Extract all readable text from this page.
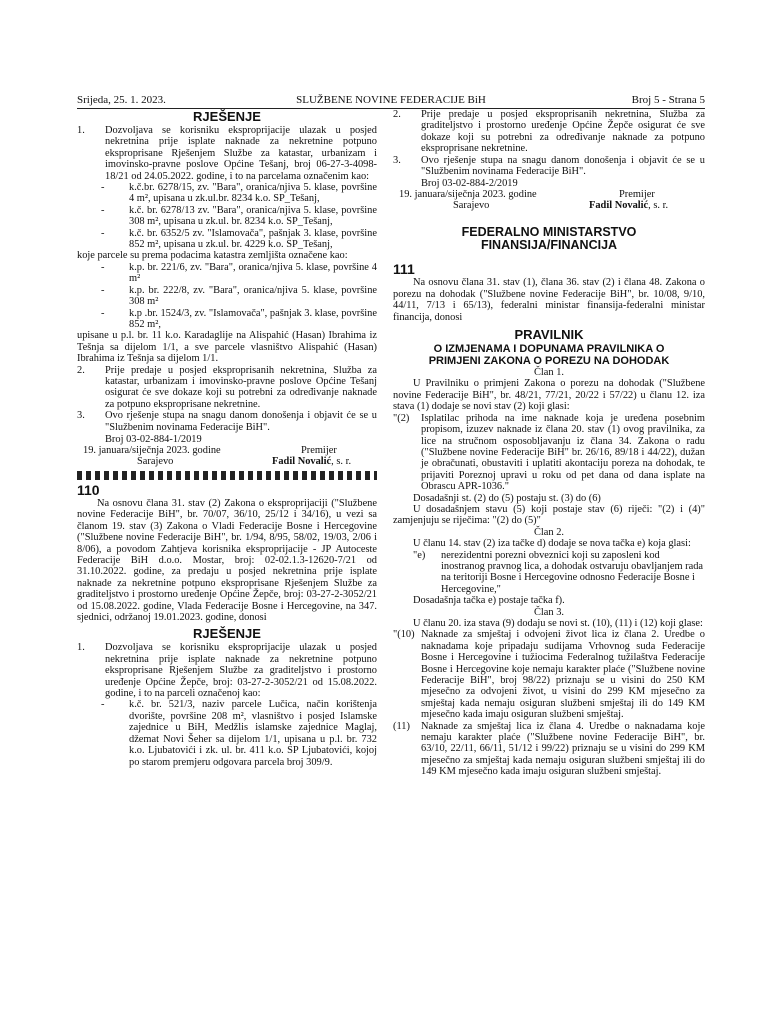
Srijeda, 25. 1. 2023.	SLUŽBENE NOVINE FEDERACIJE BiH	Broj 5 - Strana 5

RJEŠENJE

1.	Dozvoljava se korisniku eksproprijacije ulazak u posjed nekretnina prije isplate naknade za nekretnine potpuno eksproprisane Rješenjem Službe za katastar, urbanizam i imovinsko-pravne poslove Općine Tešanj, broj 06-27-3-4098-18/21 od 24.05.2022. godine, i to na parcelama označenim kao:
-	k.č.br. 6278/15, zv. "Bara", oranica/njiva 5. klase, površine 4 m², upisana u zk.ul.br. 8234 k.o. SP_Tešanj,
-	k.č. br. 6278/13 zv. "Bara", oranica/njiva 5. klase, površine 308 m², upisana u zk.ul. br. 8234 k.o. SP_Tešanj,
-	k.č. br. 6352/5 zv. "Islamovača", pašnjak 3. klase, površine 852 m², upisana u zk.ul. br. 4229 k.o. SP_Tešanj,

koje parcele su prema podacima katastra zemljišta označene kao:

-	k.p. br. 221/6, zv. "Bara", oranica/njiva 5. klase, površine 4 m²
-	k.p. br. 222/8, zv. "Bara", oranica/njiva 5. klase, površine 308 m²
-	k.p .br. 1524/3, zv. "Islamovača", pašnjak 3. klase, površine 852 m²,

upisane u p.l. br. 11 k.o. Karadaglije na Alispahić (Hasan) Ibrahima iz Tešnja sa dijelom 1/1, a sve parcele vlasništvo Alispahić (Hasan) Ibrahima iz Tešnja sa dijelom 1/1.

2.	Prije predaje u posjed eksproprisanih nekretnina, Služba za katastar, urbanizam i imovinsko-pravne poslove Općine Tešanj osigurat će sve dokaze koji su potrebni za određivanje naknade za potpuno eksproprisane nekretnine.
3.	Ovo rješenje stupa na snagu danom donošenja i objavit će se u "Službenim novinama Federacije BiH".
Broj 03-02-884-1/2019
19. januara/siječnja 2023. godine
Sarajevo
Premijer
Fadil Novalić, s. r.

110

Na osnovu člana 31. stav (2) Zakona o eksproprijaciji ("Službene novine Federacije BiH", br. 70/07, 36/10, 25/12 i 34/16), u vezi sa članom 19. stav (3) Zakona o Vladi Federacije Bosne i Hercegovine ("Službene novine Federacije BiH", br. 1/94, 8/95, 58/02, 19/03, 2/06 i 8/06), a povodom Zahtjeva korisnika eksproprijacije - JP Autoceste Federacije BiH d.o.o. Mostar, broj: 02-02.1.3-12620-7/21 od 31.10.2022. godine, za predaju u posjed nekretnina prije isplate naknade za nekretnine potpuno eksproprisane Rješenjem Službe za graditeljstvo i prostorno uređenje Općine Žepče, broj: 03-27-2-3052/21 od 15.08.2022. godine, Vlada Federacije Bosne i Hercegovine, na 347. sjednici, održanoj 19.01.2023. godine, donosi

RJEŠENJE

1.	Dozvoljava se korisniku eksproprijacije ulazak u posjed nekretnina prije isplate naknade za nekretnine potpuno eksproprisane Rješenjem Službe za graditeljstvo i prostorno uređenje Općine Žepče, broj: 03-27-2-3052/21 od 15.08.2022. godine, i to na parceli označenoj kao:
-	k.č. br. 521/3, naziv parcele Lučica, način korištenja dvorište, površine 208 m², vlasništvo i posjed Islamske zajednice u BiH, Medžlis islamske zajednice Maglaj, džemat Novi Šeher sa dijelom 1/1, upisana u p.l. br. 732 k.o. Ljubatovići i zk. ul. br. 411 k.o. SP Ljubatovići, kojoj po starom premjeru odgovara parcela broj 309/9.
2.	Prije predaje u posjed eksproprisanih nekretnina, Služba za graditeljstvo i prostorno uređenje Općine Žepče osigurat će sve dokaze koji su potrebni za određivanje naknade za potpuno eksproprisane nekretnine.
3.	Ovo rješenje stupa na snagu danom donošenja i objavit će se u "Službenim novinama Federacije BiH".
Broj 03-02-884-2/2019
19. januara/siječnja 2023. godine
Sarajevo
Premijer
Fadil Novalić, s. r.
FEDERALNO MINISTARSTVO
FINANSIJA/FINANCIJA

111

Na osnovu člana 31. stav (1), člana 36. stav (2) i člana 48. Zakona o porezu na dohodak ("Službene novine Federacije BiH", br. 10/08, 9/10, 44/11, 7/13 i 65/13), federalni ministar finansija-federalni ministar financija, donosi

PRAVILNIK

O IZMJENAMA I DOPUNAMA PRAVILNIKA O

PRIMJENI ZAKONA O POREZU NA DOHODAK

Član 1.

U Pravilniku o primjeni Zakona o porezu na dohodak ("Službene novine Federacije BiH", br. 48/21, 77/21, 20/22 i 57/22) u članu 12. iza stava (1) dodaje se novi stav (2) koji glasi:

"(2)	Isplatilac prihoda na ime naknade koja je uređena posebnim propisom, izuzev naknade iz člana 20. stav (1) ovog pravilnika, za lice na stručnom osposobljavanju iz člana 34. Zakona o radu ("Službene novine Federacije BiH" br. 26/16, 89/18 i 44/22), dužan je obračunati, obustaviti i uplatiti akontaciju poreza na dohodak, te prijaviti Poreznoj upravi u roku od pet dana od dana isplate na Obrascu APR-1036."

Dosadašnji st. (2) do (5) postaju st. (3) do (6)

U dosadašnjem stavu (5) koji postaje stav (6) riječi: "(2) i (4)" zamjenjuju se riječima: "(2) do (5)"

Član 2.

U članu 14. stav (2) iza tačke d) dodaje se nova tačka e) koja glasi:

"e)	nerezidentni porezni obveznici koji su zaposleni kod inostranog pravnog lica, a dohodak ostvaruju obavljanjem rada na teritoriji Bosne i Hercegovine odnosno Federacije Bosne i Hercegovine,"

Dosadašnja tačka e) postaje tačka f).

Član 3.

U članu 20. iza stava (9) dodaju se novi st. (10), (11) i (12) koji glase:

"(10) Naknade za smještaj i odvojeni život lica iz člana 2. Uredbe o naknadama koje pripadaju sudijama Vrhovnog suda Federacije Bosne i Hercegovine i tužiocima Federalnog tužilaštva Federacije Bosne i Hercegovine koje nemaju karakter plaće ("Službene novine Federacije BiH", broj 98/22) priznaju se u visini do 250 KM mjesečno za odvojeni život, u visini do 299 KM mjesečno za smještaj kada nemaju osiguran službeni smještaj ili do 149 KM mjesečno kada imaju osiguran službeni smještaj.
(11)	Naknade za smještaj lica iz člana 4. Uredbe o naknadama koje nemaju karakter plaće ("Službene novine Federacije BiH", br. 63/10, 22/11, 66/11, 51/12 i 99/22) priznaju se u visini do 299 KM mjesečno za smještaj kada nemaju osiguran službeni smještaj ili do 149 KM mjesečno kada imaju osiguran službeni smještaj.
